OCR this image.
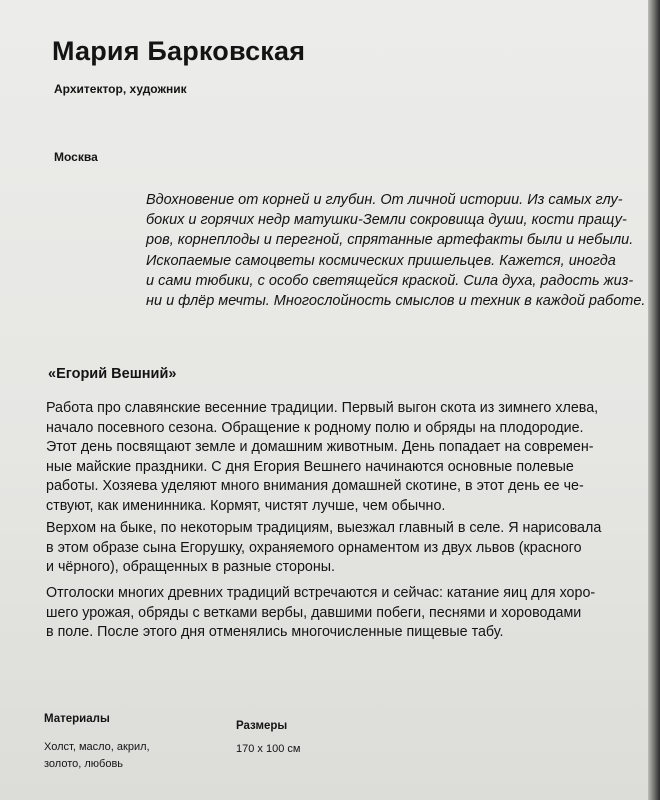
Мария Барковская
Архитектор, художник
Москва
Вдохновение от корней и глубин. От личной истории. Из самых глу-
боких и горячих недр матушки-Земли сокровища души, кости пращу-
ров, корнеплоды и перегной, спрятанные артефакты были и небыли.
Ископаемые самоцветы космических пришельцев. Кажется, иногда
и сами тюбики, с особо светящейся краской. Сила духа, радость жиз-
ни и флёр мечты. Многослойность смыслов и техник в каждой работе.
«Егорий Вешний»
Работа про славянские весенние традиции. Первый выгон скота из зимнего хлева,
начало посевного сезона. Обращение к родному полю и обряды на плодородие.
Этот день посвящают земле и домашним животным. День попадает на современ-
ные майские праздники. С дня Егория Вешнего начинаются основные полевые
работы. Хозяева уделяют много внимания домашней скотине, в этот день ее че-
ствуют, как именинника. Кормят, чистят лучше, чем обычно.
Верхом на быке, по некоторым традициям, выезжал главный в селе. Я нарисовала
в этом образе сына Егорушку, охраняемого орнаментом из двух львов (красного
и чёрного), обращенных в разные стороны.
Отголоски многих древних традиций встречаются и сейчас: катание яиц для хоро-
шего урожая, обряды с ветками вербы, давшими побеги, песнями и хороводами
в поле. После этого дня отменялись многочисленные пищевые табу.
Материалы
Холст, масло, акрил,
золото, любовь
Размеры
170 х 100 см
